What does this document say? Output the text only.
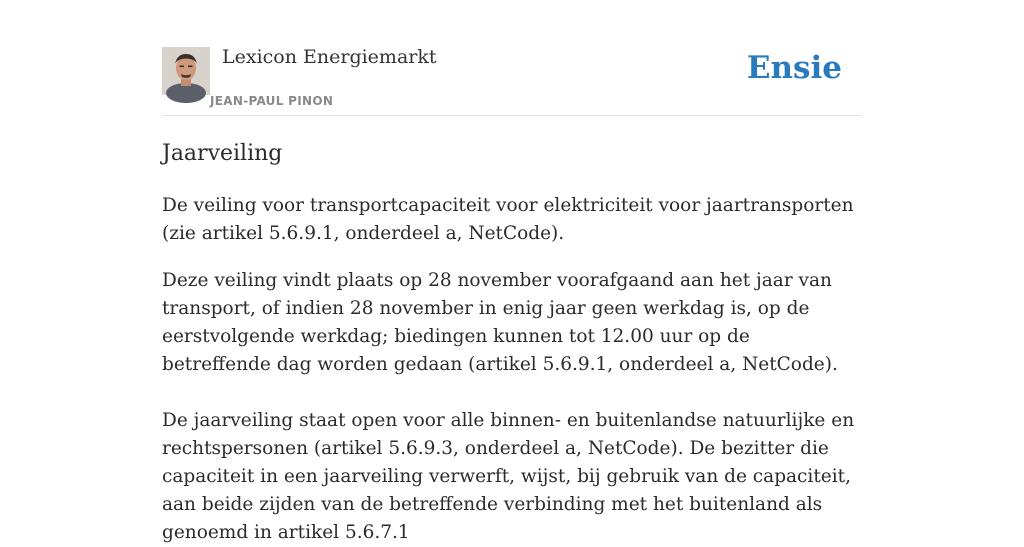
Lexicon Energiemarkt
JEAN-PAUL PINON
Ensie
Jaarveiling

De veiling voor transportcapaciteit voor elektriciteit voor jaartransporten (zie artikel 5.6.9.1, onderdeel a, NetCode).

Deze veiling vindt plaats op 28 november voorafgaand aan het jaar van transport, of indien 28 november in enig jaar geen werkdag is, op de eerstvolgende werkdag; biedingen kunnen tot 12.00 uur op de betreffende dag worden gedaan (artikel 5.6.9.1, onderdeel a, NetCode).

De jaarveiling staat open voor alle binnen- en buitenlandse natuurlijke en rechtspersonen (artikel 5.6.9.3, onderdeel a, NetCode). De bezitter die capaciteit in een jaarveiling verwerft, wijst, bij gebruik van de capaciteit, aan beide zijden van de betreffende verbinding met het buitenland als genoemd in artikel 5.6.7.1
